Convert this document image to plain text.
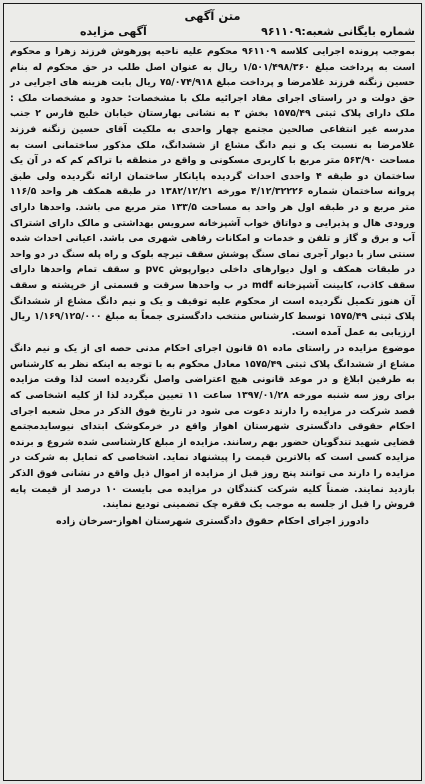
متن آگهی
شماره بایگانی شعبه:۹۶۱۱۰۹
آگهی مزایده

بموجب پرونده اجرایی کلاسه ۹۶۱۱۰۹ محکوم علیه ناحیه پورهوش فرزند زهرا و محکوم است به پرداخت مبلغ ۱/۵۰۱/۴۹۸/۳۶۰ ریال به عنوان اصل طلب در حق محکوم له بنام حسین زنگنه فرزند غلامرضا و پرداخت مبلغ ۷۵/۰۷۴/۹۱۸ ریال بابت هزینه های اجرایی در حق دولت و در راستای اجرای مفاد اجرائیه ملک با مشخصات: حدود و مشخصات ملک : ملک دارای پلاک ثبتی ۱۵۷۵/۴۹ بخش ۳ به نشانی بهارستان خیابان خلیج فارس ۲ جنب مدرسه غیر انتفاعی صالحین مجتمع چهار واحدی به ملکیت آقای حسین زنگنه فرزند غلامرضا به نسبت یک و نیم دانگ مشاع از ششدانگ، ملک مذکور ساختمانی است به مساحت ۵۶۳/۹۰ متر مربع با کاربری مسکونی و واقع در منطقه با تراکم کم که در آن یک ساختمان دو طبقه ۴ واحدی احداث گردیده پایانکار ساختمان ارائه نگردیده ولی طبق پروانه ساختمان شماره ۴/۱۲/۳۲۲۲۶ مورخه ۱۳۸۲/۱۲/۲۱ در طبقه همکف هر واحد ۱۱۶/۵ متر مربع و در طبقه اول هر واحد به مساحت ۱۳۳/۵ متر مربع می باشد. واحدها دارای ورودی هال و پذیرایی و دواتاق خواب آشپزخانه سرویس بهداشتی و مالک دارای اشتراک آب و برق و گاز و تلفن و خدمات و امکانات رفاهی شهری می باشد. اعیانی احداث شده سنتی ساز با دیوار آجری نمای سنگ پوشش سقف تیرچه بلوک و راه پله سنگ در دو واحد در طبقات همکف و اول دیوارهای داخلی دیوارپوش pvc و سقف تمام واحدها دارای سقف کاذب، کابینت آشپزخانه mdf در ب واحدها سرقت و قسمتی از خرپشته و سقف آن هنوز تکمیل نگردیده است از محکوم علیه توقیف و یک و نیم دانگ مشاع از ششدانگ پلاک ثبتی ۱۵۷۵/۴۹ توسط کارشناس منتخب دادگستری جمعاً به مبلغ ۱/۱۶۹/۱۲۵/۰۰۰ ریال ارزیابی به عمل آمده است.

موضوع مزایده در راستای ماده ۵۱ قانون اجرای احکام مدنی حصه ای از یک و نیم دانگ مشاع از ششدانگ پلاک ثبتی ۱۵۷۵/۴۹ معادل محکوم به با توجه به اینکه نظر به کارشناس به طرفین ابلاغ و در موعد قانونی هیچ اعتراضی واصل نگردیده است لذا وقت مزایده برای روز سه شنبه مورخه ۱۳۹۷/۰۱/۲۸ ساعت ۱۱ تعیین میگردد لذا از کلیه اشخاصی که قصد شرکت در مزایده را دارند دعوت می شود در تاریخ فوق الذکر در محل شعبه اجرای احکام حقوقی دادگستری شهرستان اهواز واقع در خرمکوشک ابتدای نیوسایدمجتمع قضایی شهید تندگویان حضور بهم رسانند. مزایده از مبلغ کارشناسی شده شروع و برنده مزایده کسی است که بالاترین قیمت را پیشنهاد نماید. اشخاصی که تمایل به شرکت در مزایده را دارند می توانند پنج روز قبل از مزایده از اموال ذیل واقع در نشانی فوق الذکر بازدید نمایند. ضمناً کلیه شرکت کنندگان در مزایده می بایست ۱۰ درصد از قیمت پایه فروش را قبل از جلسه به موجب یک فقره چک تضمینی تودیع نمایند.

دادورز اجرای احکام حقوق دادگستری شهرستان اهواز-سرخان زاده
